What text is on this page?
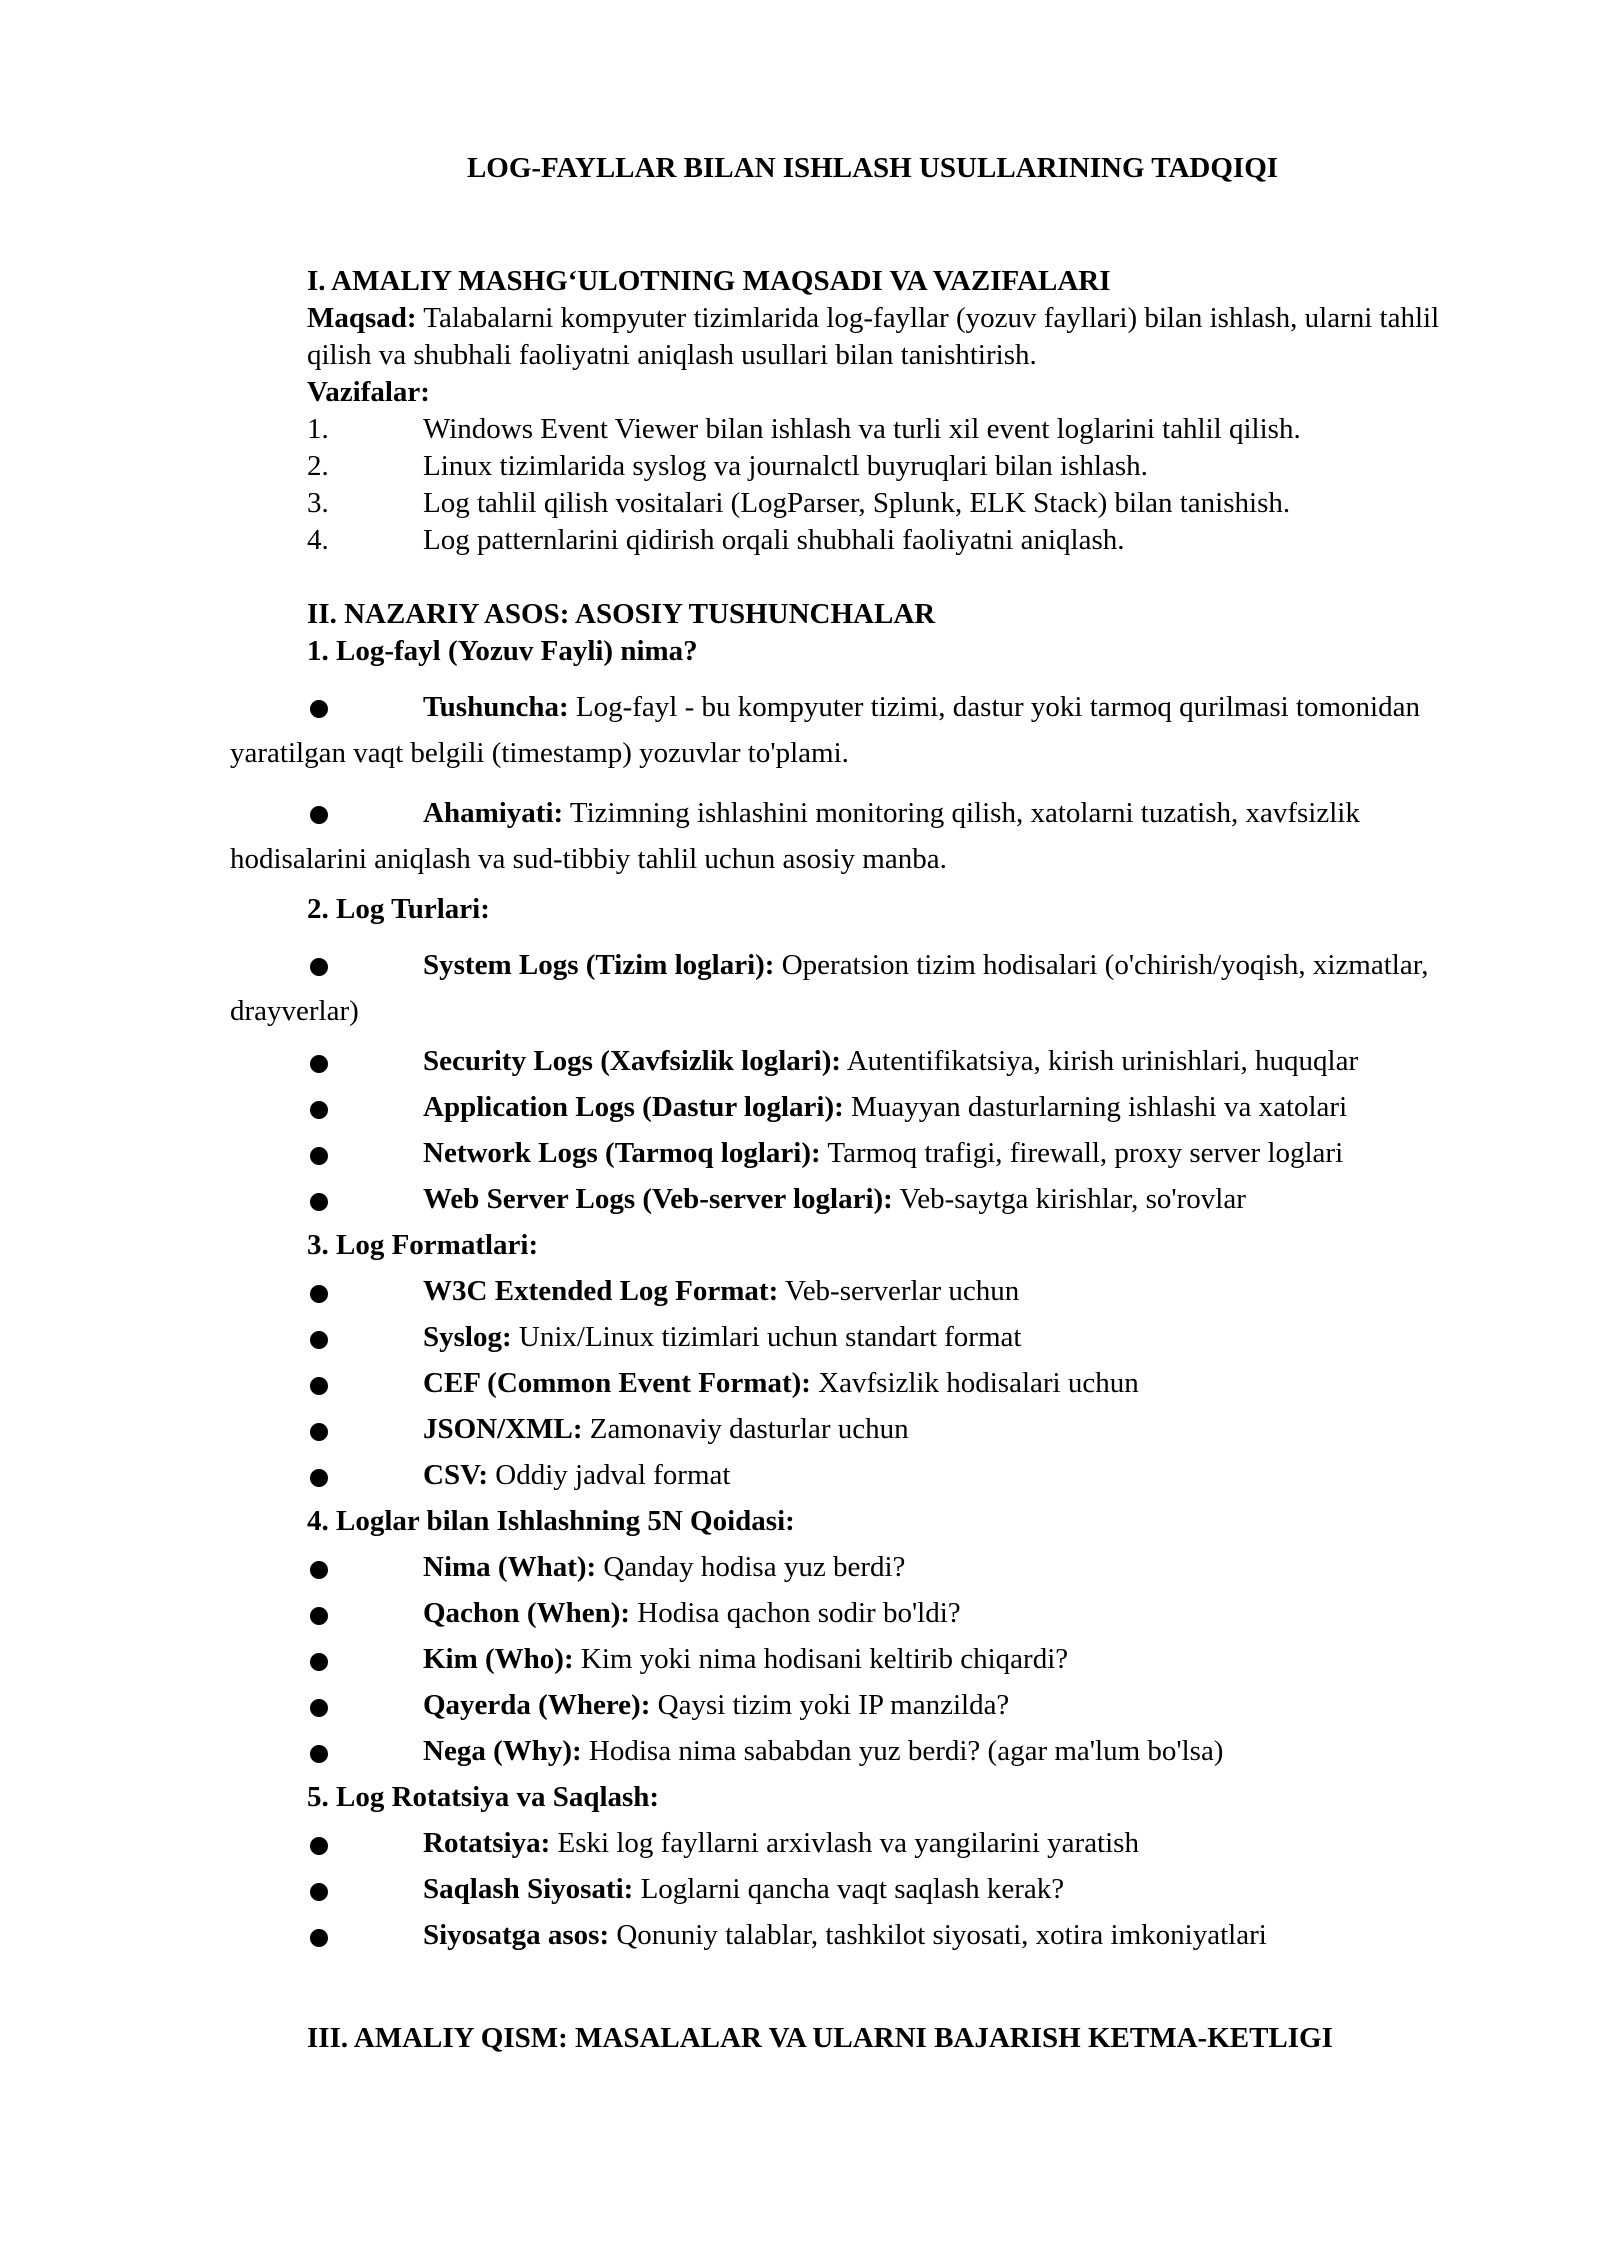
LOG-FAYLLAR BILAN ISHLASH USULLARINING TADQIQI
I. AMALIY MASHG‘ULOTNING MAQSADI VA VAZIFALARI
Maqsad: Talabalarni kompyuter tizimlarida log-fayllar (yozuv fayllari) bilan ishlash, ularni tahlil qilish va shubhali faoliyatni aniqlash usullari bilan tanishtirish.
Vazifalar:
1.	Windows Event Viewer bilan ishlash va turli xil event loglarini tahlil qilish.
2.	Linux tizimlarida syslog va journalctl buyruqlari bilan ishlash.
3.	Log tahlil qilish vositalari (LogParser, Splunk, ELK Stack) bilan tanishish.
4.	Log patternlarini qidirish orqali shubhali faoliyatni aniqlash.
II. NAZARIY ASOS: ASOSIY TUSHUNCHALAR
1. Log-fayl (Yozuv Fayli) nima?
Tushuncha: Log-fayl - bu kompyuter tizimi, dastur yoki tarmoq qurilmasi tomonidan yaratilgan vaqt belgili (timestamp) yozuvlar to'plami.
Ahamiyati: Tizimning ishlashini monitoring qilish, xatolarni tuzatish, xavfsizlik hodisalarini aniqlash va sud-tibbiy tahlil uchun asosiy manba.
2. Log Turlari:
System Logs (Tizim loglari): Operatsion tizim hodisalari (o'chirish/yoqish, xizmatlar, drayverlar)
Security Logs (Xavfsizlik loglari): Autentifikatsiya, kirish urinishlari, huquqlar
Application Logs (Dastur loglari): Muayyan dasturlarning ishlashi va xatolari
Network Logs (Tarmoq loglari): Tarmoq trafigi, firewall, proxy server loglari
Web Server Logs (Veb-server loglari): Veb-saytga kirishlar, so'rovlar
3. Log Formatlari:
W3C Extended Log Format: Veb-serverlar uchun
Syslog: Unix/Linux tizimlari uchun standart format
CEF (Common Event Format): Xavfsizlik hodisalari uchun
JSON/XML: Zamonaviy dasturlar uchun
CSV: Oddiy jadval format
4. Loglar bilan Ishlashning 5N Qoidasi:
Nima (What): Qanday hodisa yuz berdi?
Qachon (When): Hodisa qachon sodir bo'ldi?
Kim (Who): Kim yoki nima hodisani keltirib chiqardi?
Qayerda (Where): Qaysi tizim yoki IP manzilda?
Nega (Why): Hodisa nima sababdan yuz berdi? (agar ma'lum bo'lsa)
5. Log Rotatsiya va Saqlash:
Rotatsiya: Eski log fayllarni arxivlash va yangilarini yaratish
Saqlash Siyosati: Loglarni qancha vaqt saqlash kerak?
Siyosatga asos: Qonuniy talablar, tashkilot siyosati, xotira imkoniyatlari
III. AMALIY QISM: MASALALAR VA ULARNI BAJARISH KETMA-KETLIGI
